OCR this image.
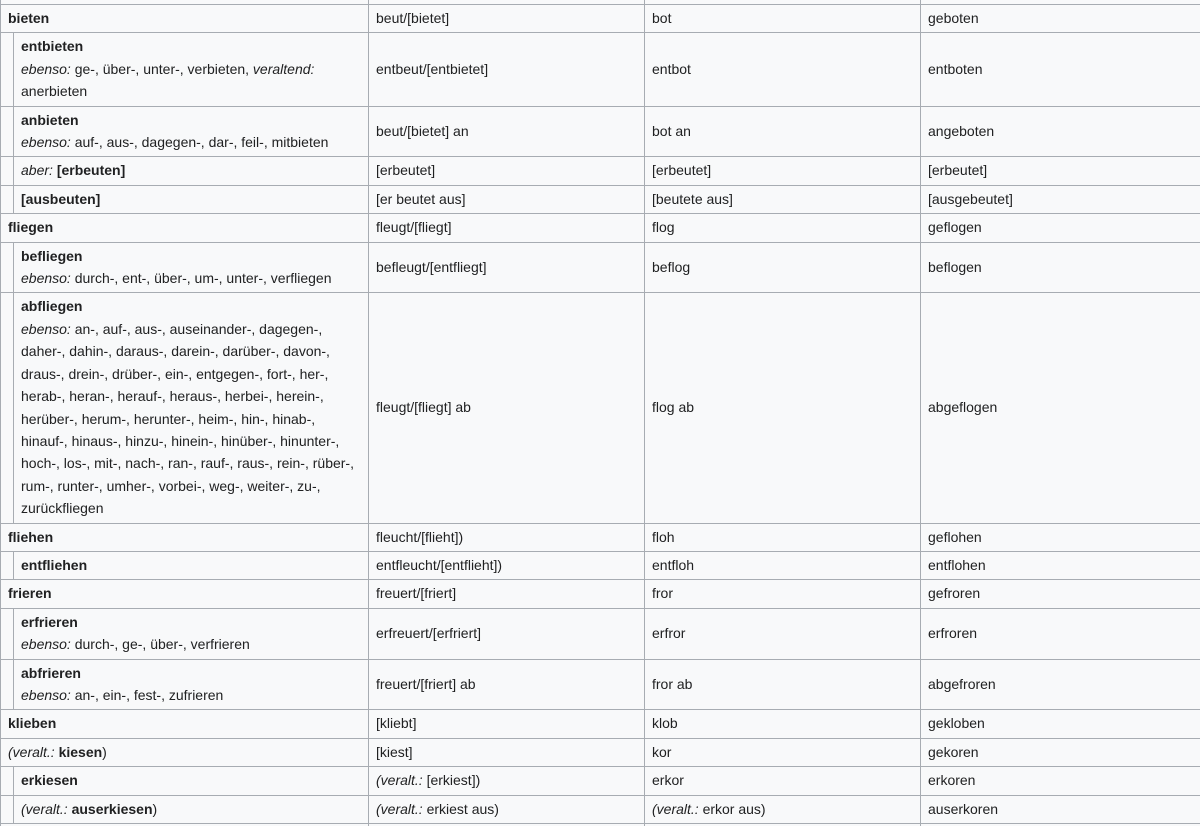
bieten		beut/[bietet]	bot	geboten

	entbieten
ebenso: ge-, über-, unter-, verbieten, veraltend:
anerbieten	entbeut/[entbietet]	entbot	entboten

	anbieten
ebenso: auf-, aus-, dagegen-, dar-, feil-, mitbieten	beut/[bietet] an	bot an	angeboten

	aber: [erbeuten]	[erbeutet]	[erbeutet]	[erbeutet]

	[ausbeuten]	[er beutet aus]	[beutete aus]	[ausgebeutet]

fliegen		fleugt/[fliegt]	flog	geflogen

	befliegen
ebenso: durch-, ent-, über-, um-, unter-, verfliegen	befleugt/[entfliegt]	beflog	beflogen

abfliegen
ebenso: an-, auf-, aus-, auseinander-, dagegen-,
daher-, dahin-, daraus-, darein-, darüber-, davon-,
draus-, drein-, drüber-, ein-, entgegen-, fort-, her-,
herab-, heran-, herauf-, heraus-, herbei-, herein-,
herüber-, herum-, herunter-, heim-, hin-, hinab-,
hinauf-, hinaus-, hinzu-, hinein-, hinüber-, hinunter-,
hoch-, los-, mit-, nach-, ran-, rauf-, raus-, rein-, rüber-,
rum-, runter-, umher-, vorbei-, weg-, weiter-, zu-,
zurückfliegen

fleugt/[fliegt] ab	flog ab	abgeflogen

fliehen		fleucht/[flieht])	floh	geflohen

	entfliehen	entfleucht/[entflieht])	entfloh	entflohen

frieren		freuert/[friert]	fror	gefroren

	erfrieren
ebenso: durch-, ge-, über-, verfrieren	erfreuert/[erfriert]	erfror	erfroren

	abfrieren
ebenso: an-, ein-, fest-, zufrieren	freuert/[friert] ab	fror ab	abgefroren

klieben		[kliebt]	klob	gekloben

(veralt.: kiesen)		[kiest]	kor	gekoren

	erkiesen	(veralt.: [erkiest])	erkor	erkoren

	(veralt.: auserkiesen)	(veralt.: erkiest aus)	(veralt.: erkor aus)	auserkoren
